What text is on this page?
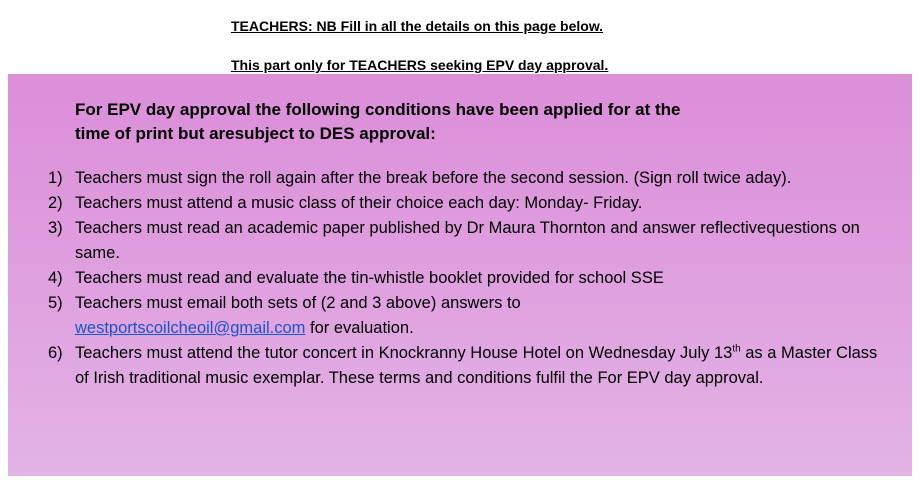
TEACHERS: NB Fill in all the details on this page below.
This part only for TEACHERS seeking EPV day approval.
For EPV day approval the following conditions have been applied for at the
time of print but aresubject to DES approval:
1) Teachers must sign the roll again after the break before the second session. (Sign roll twice aday).
2) Teachers must attend a music class of their choice each day: Monday- Friday.
3) Teachers must read an academic paper published by Dr Maura Thornton and answer reflectivequestions on same.
4) Teachers must read and evaluate the tin-whistle booklet provided for school SSE
5) Teachers must email both sets of (2 and 3 above) answers to
westportscoilcheoil@gmail.com for evaluation.
6) Teachers must attend the tutor concert in Knockranny House Hotel on Wednesday July 13th as a Master Class of Irish traditional music exemplar. These terms and conditions fulfil the For EPV day approval.
